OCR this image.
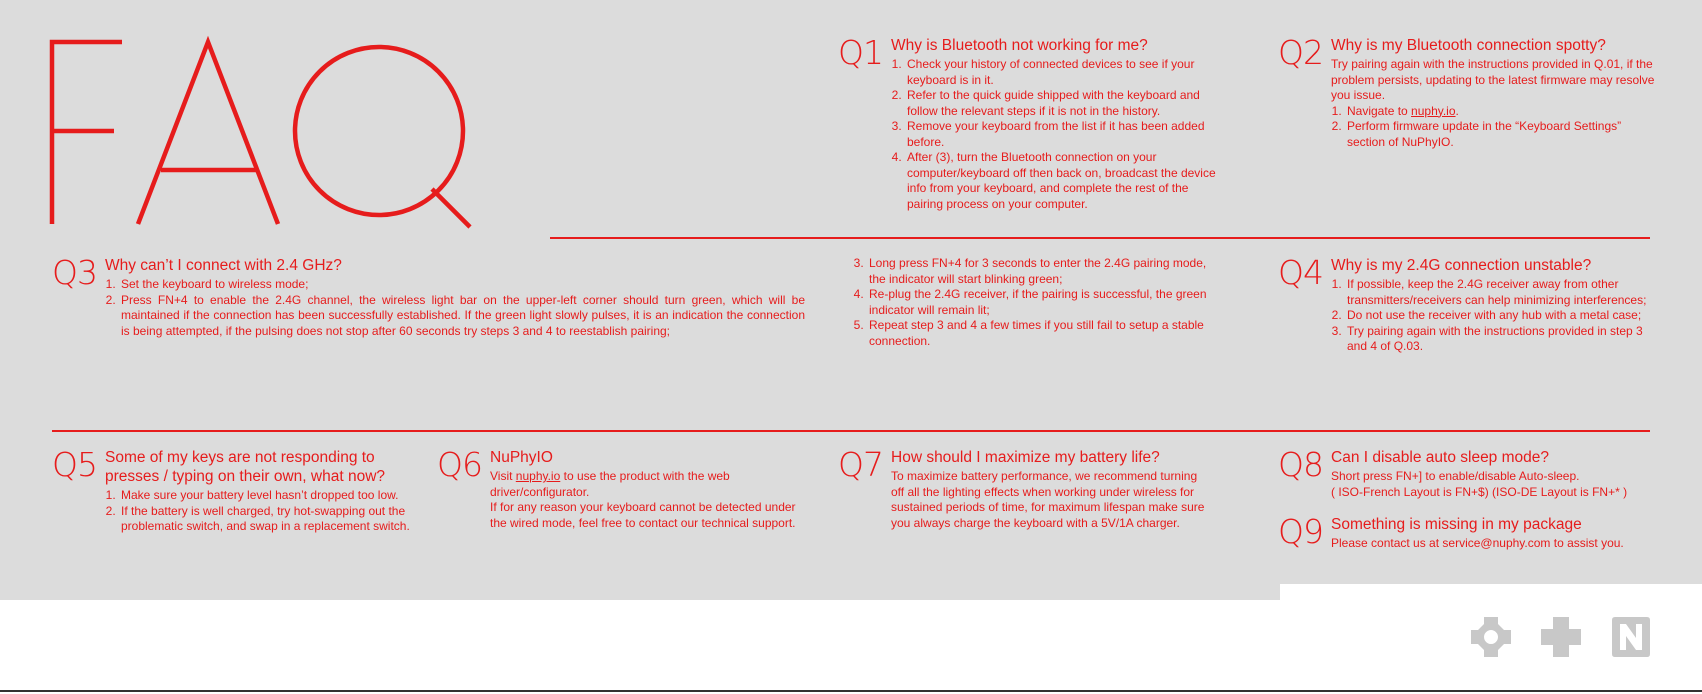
Q1 Why is Bluetooth not working for me?
1. Check your history of connected devices to see if your keyboard is in it.
2. Refer to the quick guide shipped with the keyboard and follow the relevant steps if it is not in the history.
3. Remove your keyboard from the list if it has been added before.
4. After (3), turn the Bluetooth connection on your computer/keyboard off then back on, broadcast the device info from your keyboard, and complete the rest of the pairing process on your computer.
Q2 Why is my Bluetooth connection spotty?

Try pairing again with the instructions provided in Q.01, if the problem persists, updating to the latest firmware may resolve you issue.

1. Navigate to nuphy.io.
2. Perform firmware update in the “Keyboard Settings” section of NuPhyIO.
Q3 Why can’t I connect with 2.4 GHz?
1. Set the keyboard to wireless mode;
2. Press FN+4 to enable the 2.4G channel, the wireless light bar on the upper-left corner should turn green, which will be maintained if the connection has been successfully established. If the green light slowly pulses, it is an indication the connection is being attempted, if the pulsing does not stop after 60 seconds try steps 3 and 4 to reestablish pairing;
3. Long press FN+4 for 3 seconds to enter the 2.4G pairing mode, the indicator will start blinking green;
4. Re-plug the 2.4G receiver, if the pairing is successful, the green indicator will remain lit;
5. Repeat step 3 and 4 a few times if you still fail to setup a stable connection.
Q4 Why is my 2.4G connection unstable?
1. If possible, keep the 2.4G receiver away from other transmitters/receivers can help minimizing interferences;
2. Do not use the receiver with any hub with a metal case;
3. Try pairing again with the instructions provided in step 3 and 4 of Q.03.
Q5 Some of my keys are not responding to presses / typing on their own, what now?
1. Make sure your battery level hasn’t dropped too low.
2. If the battery is well charged, try hot-swapping out the problematic switch, and swap in a replacement switch.
Q6 NuPhyIO

Visit nuphy.io to use the product with the web driver/configurator.

If for any reason your keyboard cannot be detected under the wired mode, feel free to contact our technical support.

Q7 How should I maximize my battery life?

To maximize battery performance, we recommend turning off all the lighting effects when working under wireless for sustained periods of time, for maximum lifespan make sure you always charge the keyboard with a 5V/1A charger.

Q8 Can I disable auto sleep mode?

Short press FN+] to enable/disable Auto-sleep.

( ISO-French Layout is FN+$) (ISO-DE Layout is FN+* )

Q9 Something is missing in my package

Please contact us at service@nuphy.com to assist you.
